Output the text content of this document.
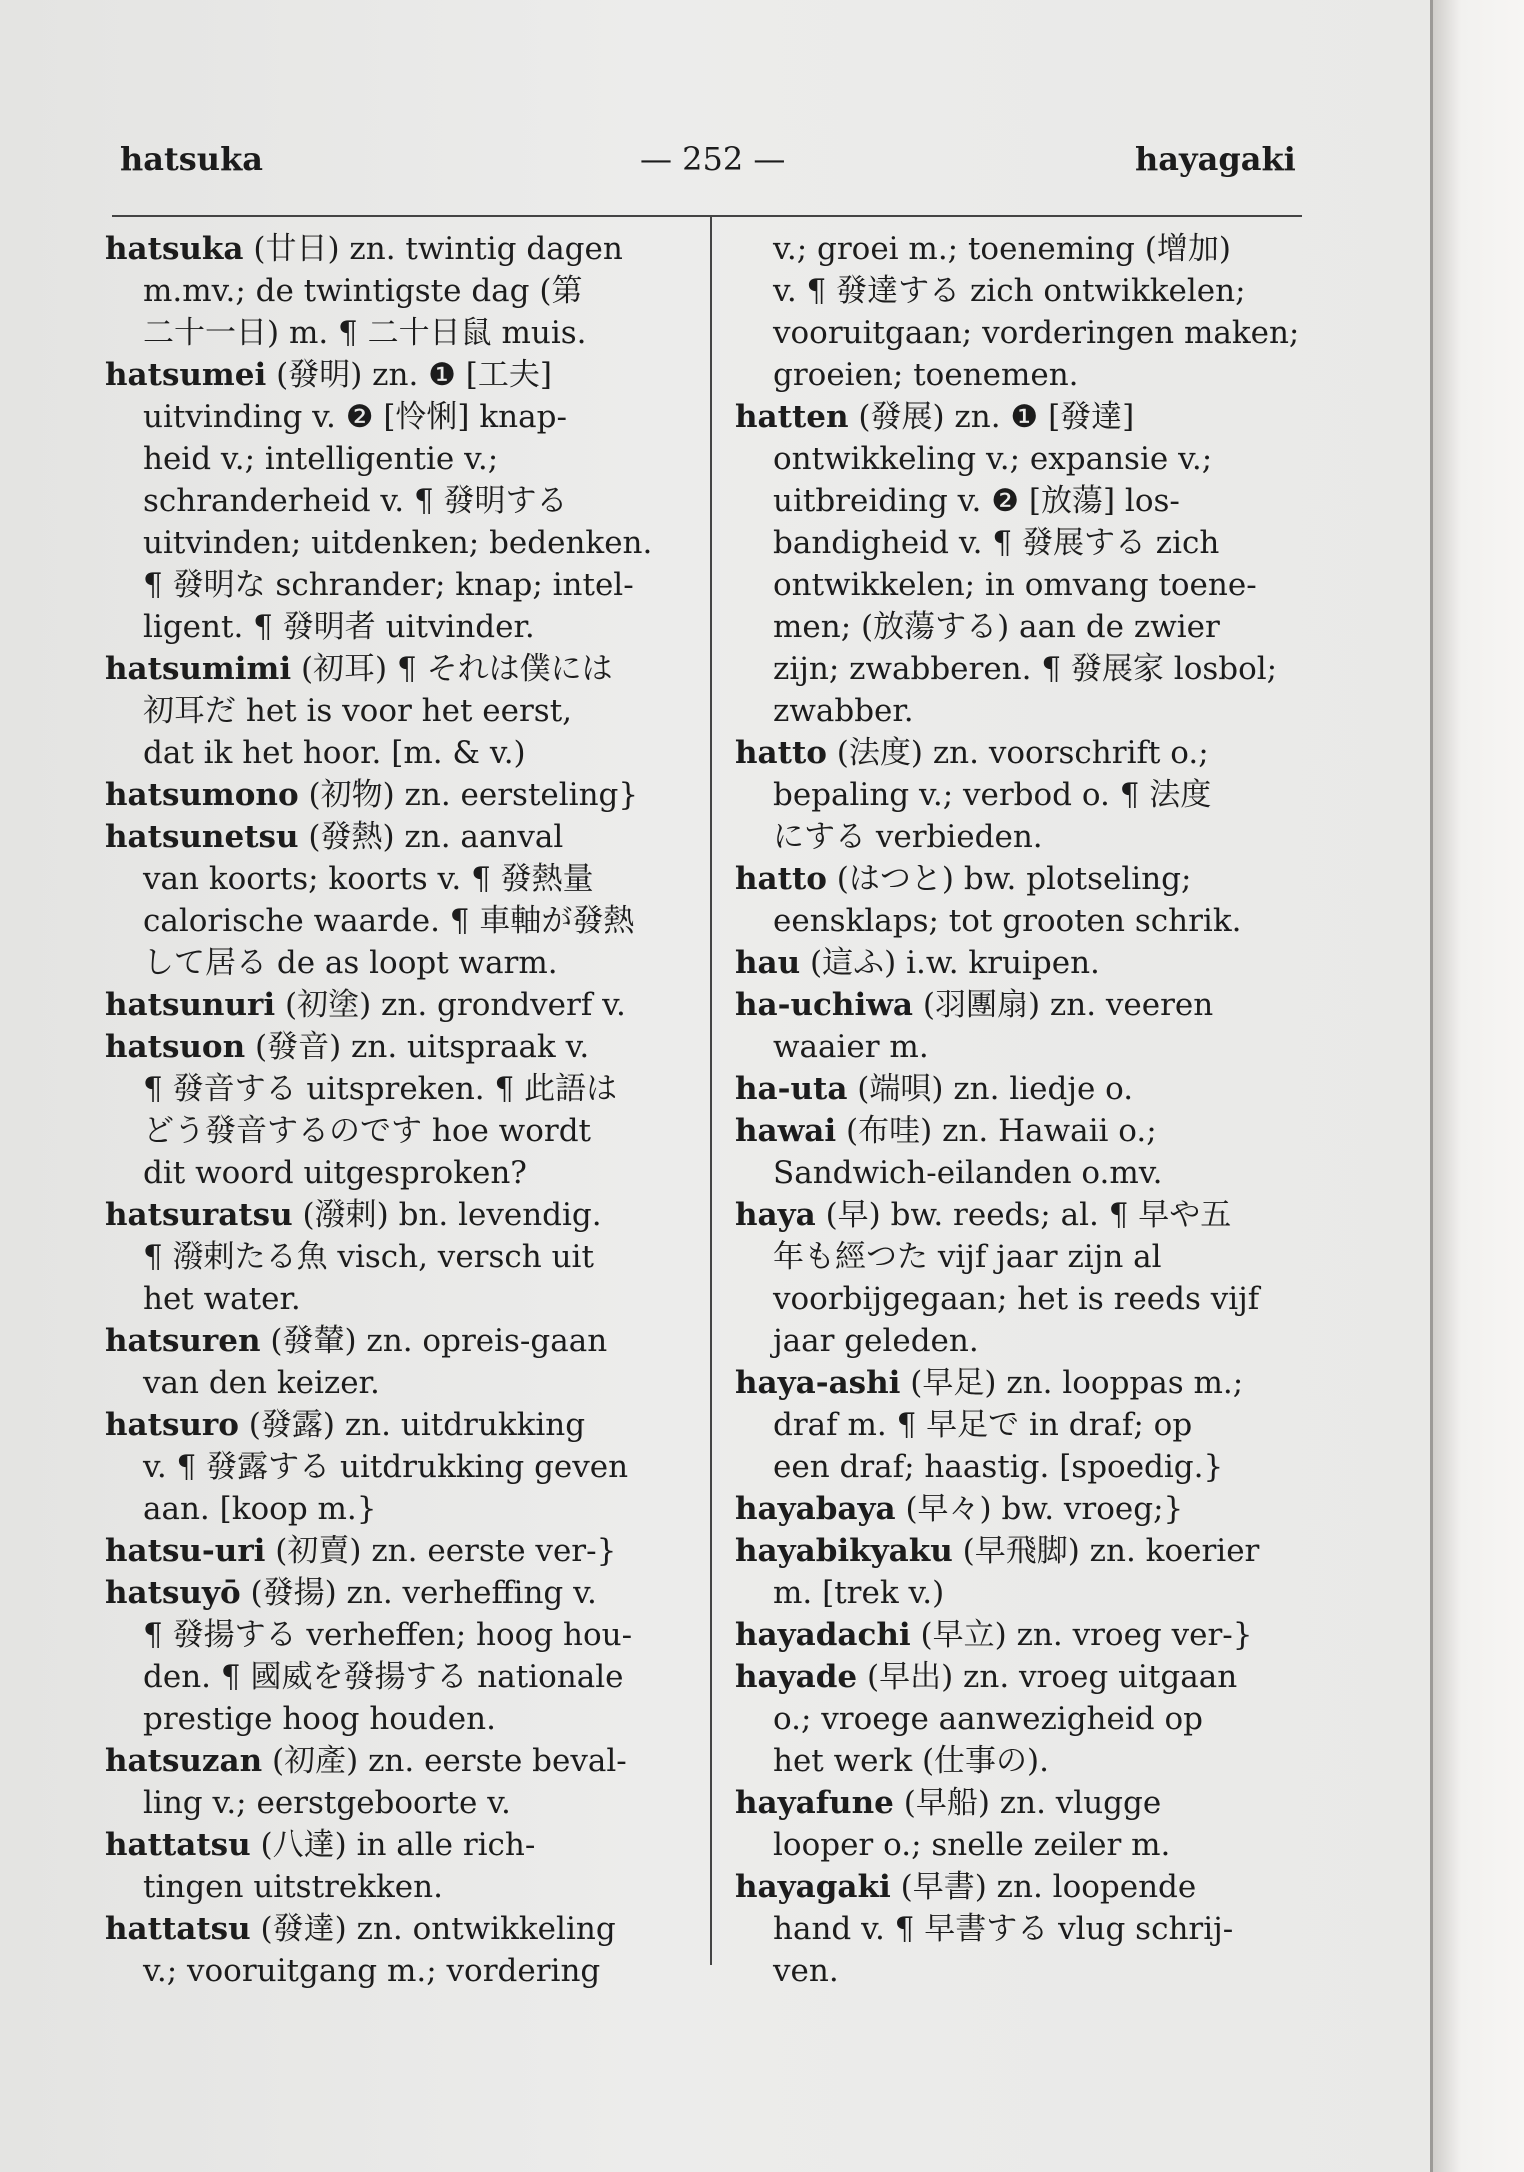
hatsuka	— 252 —	hayagaki
hatsuka (廿日) zn. twintig dagen
m.mv.; de twintigste dag (第
二十一日) m. ¶ 二十日鼠 muis.
hatsumei (發明) zn. ❶ [工夫]
uitvinding v. ❷ [怜悧] knap-
heid v.; intelligentie v.;
schranderheid v. ¶ 發明する
uitvinden; uitdenken; bedenken.
¶ 發明な schrander; knap; intel-
ligent. ¶ 發明者 uitvinder.
hatsumimi (初耳) ¶ それは僕には
初耳だ het is voor het eerst,
dat ik het hoor. [m. & v.)
hatsumono (初物) zn. eersteling}
hatsunetsu (發熱) zn. aanval
van koorts; koorts v. ¶ 發熱量
calorische waarde. ¶ 車軸が發熱
して居る de as loopt warm.
hatsunuri (初塗) zn. grondverf v.
hatsuon (發音) zn. uitspraak v.
¶ 發音する uitspreken. ¶ 此語は
どう發音するのです hoe wordt
dit woord uitgesproken?
hatsuratsu (潑剌) bn. levendig.
¶ 潑剌たる魚 visch, versch uit
het water.
hatsuren (發輦) zn. opreis-gaan
van den keizer.
hatsuro (發露) zn. uitdrukking
v. ¶ 發露する uitdrukking geven
aan. [koop m.}
hatsu-uri (初賣) zn. eerste ver-}
hatsuyō (發揚) zn. verheffing v.
¶ 發揚する verheffen; hoog hou-
den. ¶ 國威を發揚する nationale
prestige hoog houden.
hatsuzan (初產) zn. eerste beval-
ling v.; eerstgeboorte v.
hattatsu (八達) in alle rich-
tingen uitstrekken.
hattatsu (發達) zn. ontwikkeling
v.; vooruitgang m.; vordering
v.; groei m.; toeneming (增加)
v. ¶ 發達する zich ontwikkelen;
vooruitgaan; vorderingen maken;
groeien; toenemen.
hatten (發展) zn. ❶ [發達]
ontwikkeling v.; expansie v.;
uitbreiding v. ❷ [放蕩] los-
bandigheid v. ¶ 發展する zich
ontwikkelen; in omvang toene-
men; (放蕩する) aan de zwier
zijn; zwabberen. ¶ 發展家 losbol;
zwabber.
hatto (法度) zn. voorschrift o.;
bepaling v.; verbod o. ¶ 法度
にする verbieden.
hatto (はつと) bw. plotseling;
eensklaps; tot grooten schrik.
hau (這ふ) i.w. kruipen.
ha-uchiwa (羽團扇) zn. veeren
waaier m.
ha-uta (端唄) zn. liedje o.
hawai (布哇) zn. Hawaii o.;
Sandwich-eilanden o.mv.
haya (早) bw. reeds; al. ¶ 早や五
年も經つた vijf jaar zijn al
voorbijgegaan; het is reeds vijf
jaar geleden.
haya-ashi (早足) zn. looppas m.;
draf m. ¶ 早足で in draf; op
een draf; haastig. [spoedig.}
hayabaya (早々) bw. vroeg;}
hayabikyaku (早飛脚) zn. koerier
m. [trek v.)
hayadachi (早立) zn. vroeg ver-}
hayade (早出) zn. vroeg uitgaan
o.; vroege aanwezigheid op
het werk (仕事の).
hayafune (早船) zn. vlugge
looper o.; snelle zeiler m.
hayagaki (早書) zn. loopende
hand v. ¶ 早書する vlug schrij-
ven.
